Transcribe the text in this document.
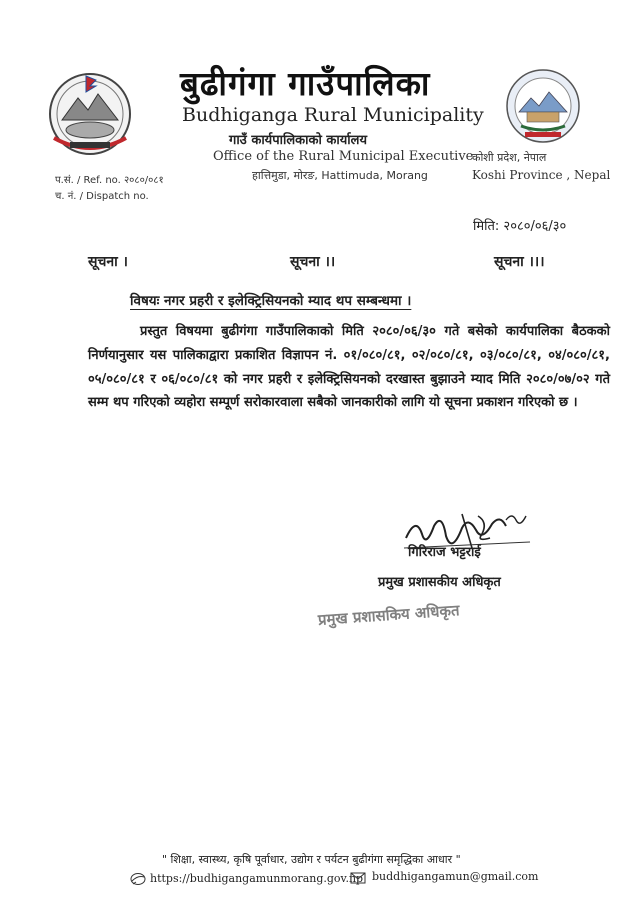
बुढीगंगा गाउँपालिका
बुढीगंगा गाउँपालिका
Budhiganga Rural Municipality
गाउँ कार्यपालिकाको कार्यालय
Office of the Rural Municipal Executive
हात्तिमुडा, मोरङ, Hattimuda, Morang
कोशी प्रदेश, नेपाल
Koshi Province , Nepal
प.सं. / Ref. no. २०८०/०८१
च. नं. / Dispatch no.
मिति: २०८०/०६/३०
सूचना ।	सूचना ।।	सूचना ।।।
विषयः नगर प्रहरी र इलेक्ट्रिसियनको म्याद थप सम्बन्धमा ।
प्रस्तुत विषयमा बुढीगंगा गाउँपालिकाको मिति २०८०/०६/३० गते बसेको कार्यपालिका बैठकको निर्णयानुसार यस पालिकाद्वारा प्रकाशित विज्ञापन नं. ०१/०८०/८१, ०२/०८०/८१, ०३/०८०/८१, ०४/०८०/८१, ०५/०८०/८१ र ०६/०८०/८१ को नगर प्रहरी र इलेक्ट्रिसियनको दरखास्त बुझाउने म्याद मिति २०८०/०७/०२ गते सम्म थप गरिएको व्यहोरा सम्पूर्ण सरोकारवाला सबैको जानकारीको लागि यो सूचना प्रकाशन गरिएको छ ।
गिरिराज भट्टराई
प्रमुख प्रशासकीय अधिकृत
प्रमुख प्रशासकिय अधिकृत
" शिक्षा, स्वास्थ्य, कृषि पूर्वाधार, उद्योग र पर्यटन बुढीगंगा समृद्धिका आधार "
https://budhigangamunmorang.gov.np buddhigangamun@gmail.com
